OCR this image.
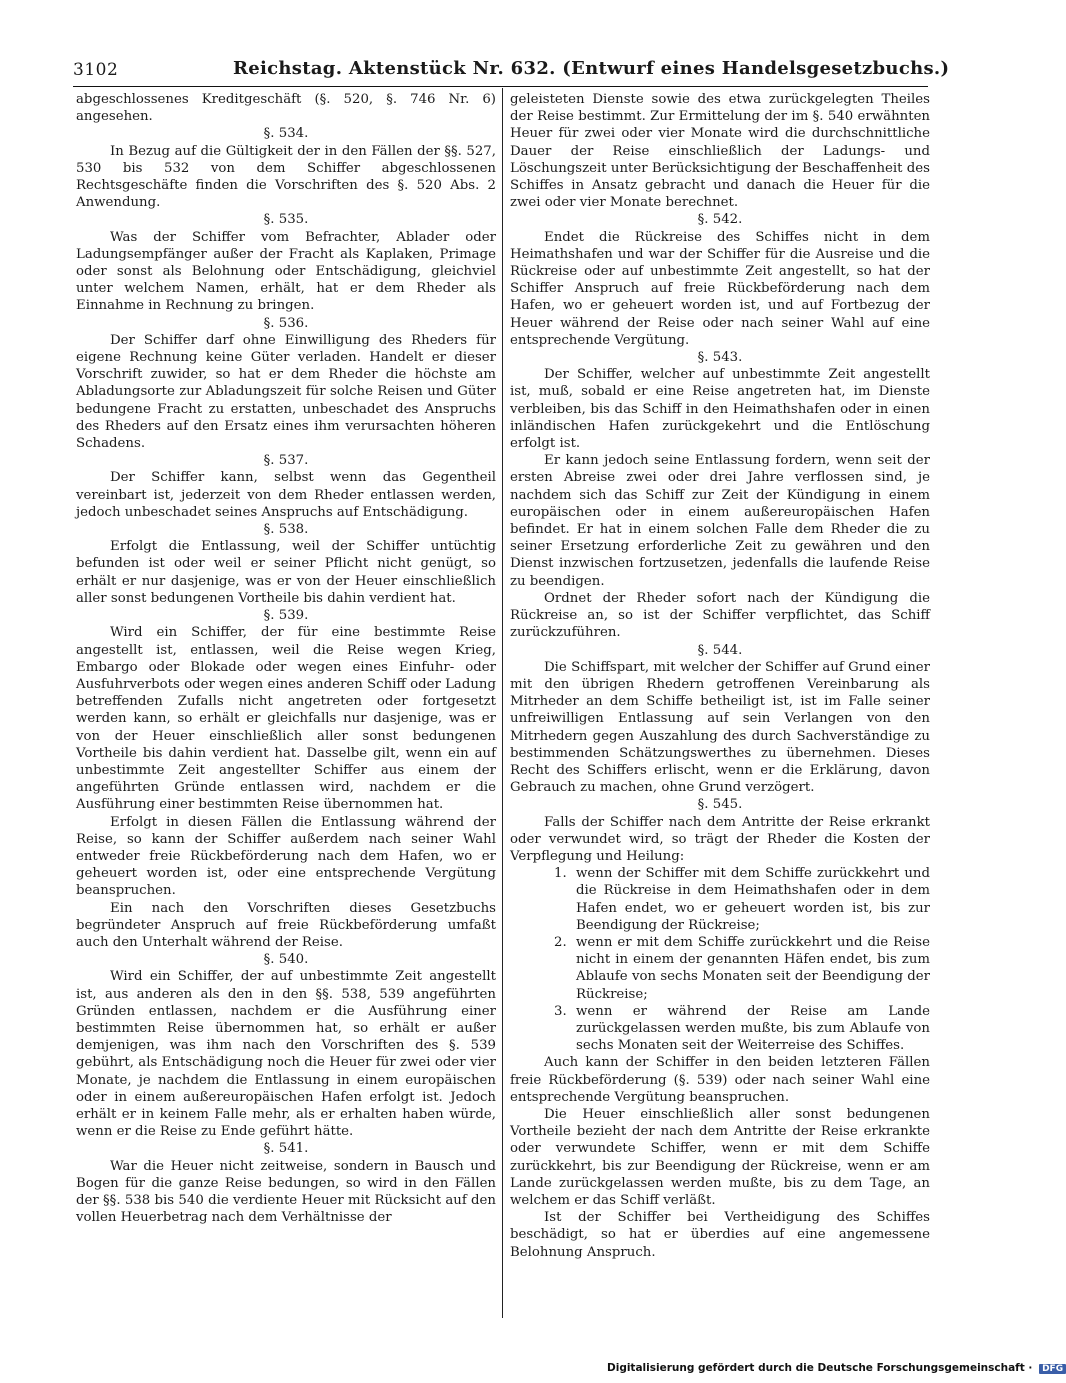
3102	Reichstag. Aktenstück Nr. 632. (Entwurf eines Handelsgesetzbuchs.)

abgeschlossenes Kreditgeschäft (§. 520, §. 746 Nr. 6) angesehen.

§. 534.

In Bezug auf die Gültigkeit der in den Fällen der §§. 527, 530 bis 532 von dem Schiffer abgeschlossenen Rechtsgeschäfte finden die Vorschriften des §. 520 Abs. 2 Anwendung.

§. 535.

Was der Schiffer vom Befrachter, Ablader oder Ladungsempfänger außer der Fracht als Kaplaken, Primage oder sonst als Belohnung oder Entschädigung, gleichviel unter welchem Namen, erhält, hat er dem Rheder als Einnahme in Rechnung zu bringen.

§. 536.

Der Schiffer darf ohne Einwilligung des Rheders für eigene Rechnung keine Güter verladen. Handelt er dieser Vorschrift zuwider, so hat er dem Rheder die höchste am Abladungsorte zur Abladungszeit für solche Reisen und Güter bedungene Fracht zu erstatten, unbeschadet des Anspruchs des Rheders auf den Ersatz eines ihm verursachten höheren Schadens.

§. 537.

Der Schiffer kann, selbst wenn das Gegentheil vereinbart ist, jederzeit von dem Rheder entlassen werden, jedoch unbeschadet seines Anspruchs auf Entschädigung.

§. 538.

Erfolgt die Entlassung, weil der Schiffer untüchtig befunden ist oder weil er seiner Pflicht nicht genügt, so erhält er nur dasjenige, was er von der Heuer einschließlich aller sonst bedungenen Vortheile bis dahin verdient hat.

§. 539.

Wird ein Schiffer, der für eine bestimmte Reise angestellt ist, entlassen, weil die Reise wegen Krieg, Embargo oder Blokade oder wegen eines Einfuhr- oder Ausfuhrverbots oder wegen eines anderen Schiff oder Ladung betreffenden Zufalls nicht angetreten oder fortgesetzt werden kann, so erhält er gleichfalls nur dasjenige, was er von der Heuer einschließlich aller sonst bedungenen Vortheile bis dahin verdient hat. Dasselbe gilt, wenn ein auf unbestimmte Zeit angestellter Schiffer aus einem der angeführten Gründe entlassen wird, nachdem er die Ausführung einer bestimmten Reise übernommen hat.

Erfolgt in diesen Fällen die Entlassung während der Reise, so kann der Schiffer außerdem nach seiner Wahl entweder freie Rückbeförderung nach dem Hafen, wo er geheuert worden ist, oder eine entsprechende Vergütung beanspruchen.

Ein nach den Vorschriften dieses Gesetzbuchs begründeter Anspruch auf freie Rückbeförderung umfaßt auch den Unterhalt während der Reise.

§. 540.

Wird ein Schiffer, der auf unbestimmte Zeit angestellt ist, aus anderen als den in den §§. 538, 539 angeführten Gründen entlassen, nachdem er die Ausführung einer bestimmten Reise übernommen hat, so erhält er außer demjenigen, was ihm nach den Vorschriften des §. 539 gebührt, als Entschädigung noch die Heuer für zwei oder vier Monate, je nachdem die Entlassung in einem europäischen oder in einem außereuropäischen Hafen erfolgt ist. Jedoch erhält er in keinem Falle mehr, als er erhalten haben würde, wenn er die Reise zu Ende geführt hätte.

§. 541.

War die Heuer nicht zeitweise, sondern in Bausch und Bogen für die ganze Reise bedungen, so wird in den Fällen der §§. 538 bis 540 die verdiente Heuer mit Rücksicht auf den vollen Heuerbetrag nach dem Verhältnisse der

geleisteten Dienste sowie des etwa zurückgelegten Theiles der Reise bestimmt. Zur Ermittelung der im §. 540 erwähnten Heuer für zwei oder vier Monate wird die durchschnittliche Dauer der Reise einschließlich der Ladungs- und Löschungszeit unter Berücksichtigung der Beschaffenheit des Schiffes in Ansatz gebracht und danach die Heuer für die zwei oder vier Monate berechnet.

§. 542.

Endet die Rückreise des Schiffes nicht in dem Heimathshafen und war der Schiffer für die Ausreise und die Rückreise oder auf unbestimmte Zeit angestellt, so hat der Schiffer Anspruch auf freie Rückbeförderung nach dem Hafen, wo er geheuert worden ist, und auf Fortbezug der Heuer während der Reise oder nach seiner Wahl auf eine entsprechende Vergütung.

§. 543.

Der Schiffer, welcher auf unbestimmte Zeit angestellt ist, muß, sobald er eine Reise angetreten hat, im Dienste verbleiben, bis das Schiff in den Heimathshafen oder in einen inländischen Hafen zurückgekehrt und die Entlöschung erfolgt ist.

Er kann jedoch seine Entlassung fordern, wenn seit der ersten Abreise zwei oder drei Jahre verflossen sind, je nachdem sich das Schiff zur Zeit der Kündigung in einem europäischen oder in einem außereuropäischen Hafen befindet. Er hat in einem solchen Falle dem Rheder die zu seiner Ersetzung erforderliche Zeit zu gewähren und den Dienst inzwischen fortzusetzen, jedenfalls die laufende Reise zu beendigen.

Ordnet der Rheder sofort nach der Kündigung die Rückreise an, so ist der Schiffer verpflichtet, das Schiff zurückzuführen.

§. 544.

Die Schiffspart, mit welcher der Schiffer auf Grund einer mit den übrigen Rhedern getroffenen Vereinbarung als Mitrheder an dem Schiffe betheiligt ist, ist im Falle seiner unfreiwilligen Entlassung auf sein Verlangen von den Mitrhedern gegen Auszahlung des durch Sachverständige zu bestimmenden Schätzungswerthes zu übernehmen. Dieses Recht des Schiffers erlischt, wenn er die Erklärung, davon Gebrauch zu machen, ohne Grund verzögert.

§. 545.

Falls der Schiffer nach dem Antritte der Reise erkrankt oder verwundet wird, so trägt der Rheder die Kosten der Verpflegung und Heilung:

1. wenn der Schiffer mit dem Schiffe zurückkehrt und die Rückreise in dem Heimathshafen oder in dem Hafen endet, wo er geheuert worden ist, bis zur Beendigung der Rückreise;
2. wenn er mit dem Schiffe zurückkehrt und die Reise nicht in einem der genannten Häfen endet, bis zum Ablaufe von sechs Monaten seit der Beendigung der Rückreise;
3. wenn er während der Reise am Lande zurückgelassen werden mußte, bis zum Ablaufe von sechs Monaten seit der Weiterreise des Schiffes.

Auch kann der Schiffer in den beiden letzteren Fällen freie Rückbeförderung (§. 539) oder nach seiner Wahl eine entsprechende Vergütung beanspruchen.

Die Heuer einschließlich aller sonst bedungenen Vortheile bezieht der nach dem Antritte der Reise erkrankte oder verwundete Schiffer, wenn er mit dem Schiffe zurückkehrt, bis zur Beendigung der Rückreise, wenn er am Lande zurückgelassen werden mußte, bis zu dem Tage, an welchem er das Schiff verläßt.

Ist der Schiffer bei Vertheidigung des Schiffes beschädigt, so hat er überdies auf eine angemessene Belohnung Anspruch.

Digitalisierung gefördert durch die Deutsche Forschungsgemeinschaft · DFG
